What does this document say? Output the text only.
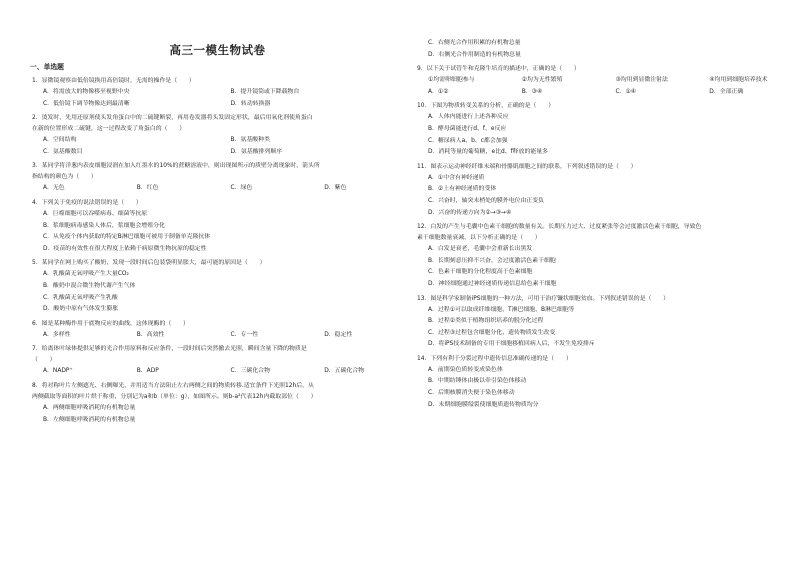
高三一模生物试卷
一、单选题
1．显微镜观察由低倍镜换用高倍镜时，无需的操作是（　　）
A．将需放大的物像移至视野中央	B．提升镜筒或下降载物台
C．低倍镜下调节物像达到最清晰	D．转动转换器
2．烫发时，先用还原剂使头发角蛋白中的二硫键断裂，再用卷发器将头发固定形状，最后用氧化剂使角蛋白
在新的位置形成二硫键，这一过程改变了角蛋白的（　　）
A．空间结构	B．氨基酸种类
C．氨基酸数目	D．氨基酸排列顺序
3．某同学将洋葱内表皮细胞浸润在加入红墨水的10%的蔗糖溶液中，则出现图所示的质壁分离现象时，箭头所
指结构的颜色为（　　）
A．无色	B．红色	C．绿色	D．紫色
4．下列关于免疫的说法错误的是（　　）
A．巨噬细胞可以吞噬病毒、细菌等抗原
B．浆细胞病毒感染人体后，浆细胞会增殖分化
C．从免疫个体内获取的特定B淋巴细胞可被用于制备单克隆抗体
D．疫苗的有效性在很大程度上依赖于病原微生物抗原的稳定性
5．某同学在网上购买了酸奶，发现一段时间后包装袋明显胀大，最可能的原因是（　　）
A．乳酸菌无氧呼吸产生大量CO₂
B．酸奶中混合微生物代谢产生气体
C．乳酸菌无氧呼吸产生乳酸
D．酸奶中原有气体发生膨胀
6．图是某种酶作用于底物反应的曲线，这体现酶的（　　）
A．多样性	B．高效性	C．专一性	D．稳定性
7．给离体叶绿体提供足够的光合作用原料和反应条件，一段时间后突然撤去光照，瞬间含量下降的物质是
（　　）
A．NADP⁺	B．ADP	C．三碳化合物	D．五碳化合物
8．将对称叶片左侧遮光、右侧曝光，并用适当方法阻止左右两侧之间的物质转移.适宜条件下光照12h后，从
两侧截取等面积的叶片烘干称重，分别记为a和b（单位：g），如图所示。则b-a²代表12h内截取部位（　　）
A．两侧细胞呼吸消耗的有机物总量
B．左侧细胞呼吸消耗的有机物总量
C．右侧光合作用积累的有机物总量
D．右侧光合作用制造的有机物总量
9．以下关于试管牛和克隆牛培育的描述中，正确的是（　　）
①均需卵细胞参与	②均为无性繁殖	③均用到显微注射法	④均用到细胞培养技术
A．①②	B．③④	C．①④	D．全部正确
10．下图为物质转变关系的分析，正确的是（　　）
A．人体内能进行上述各种反应
B．酵母菌能进行d、f、e反应
C．糖尿病人a、b、c都会加强
D．消耗等量的葡萄糖，e比d、f释放的能量多
11．图表示运动神经纤维末端和骨骼肌细胞之间的联系，下列叙述错误的是（　　）
A．①中含有神经递质
B．②上有神经递质的受体
C．兴奋时，轴突末梢处的膜外电位由正变负
D．兴奋的传递方向为②→③→④
12．白发的产生与毛囊中色素干细胞的数量有关。长期压力过大、过度紧张等会过度激活色素干细胞，导致色
素干细胞数量衰减，以下分析正确的是（　　）
A．白发是衰老，毛囊中会重新长出黑发
B．长期刻意压抑不兴奋，会过度激活色素干细胞
C．色素干细胞的分化程度高于色素细胞
D．神经细胞通过神经递质传递信息给色素干细胞
13．图是科学家制备iPS细胞的一种方法，可用于治疗镰状细胞贫血。下列叙述错误的是（　　）
A．过程①可以取成纤维细胞、T淋巴细胞、B淋巴细胞等
B．过程②类似于植物组织培养的脱分化过程
C．过程③过程包含细胞分化，遗传物质发生改变
D．将iPS技术制备的专用干细胞移植回病人后，不发生免疫排斥
14．下列有利于分裂过程中遗传信息准确传递的是（　　）
A．前期染色质转变成染色体
B．中期纺锤体由极以牵引染色体移动
C．后期核膜消失便于染色体移动
D．末期细胞膜缢裂使细胞质遗传物质均分
